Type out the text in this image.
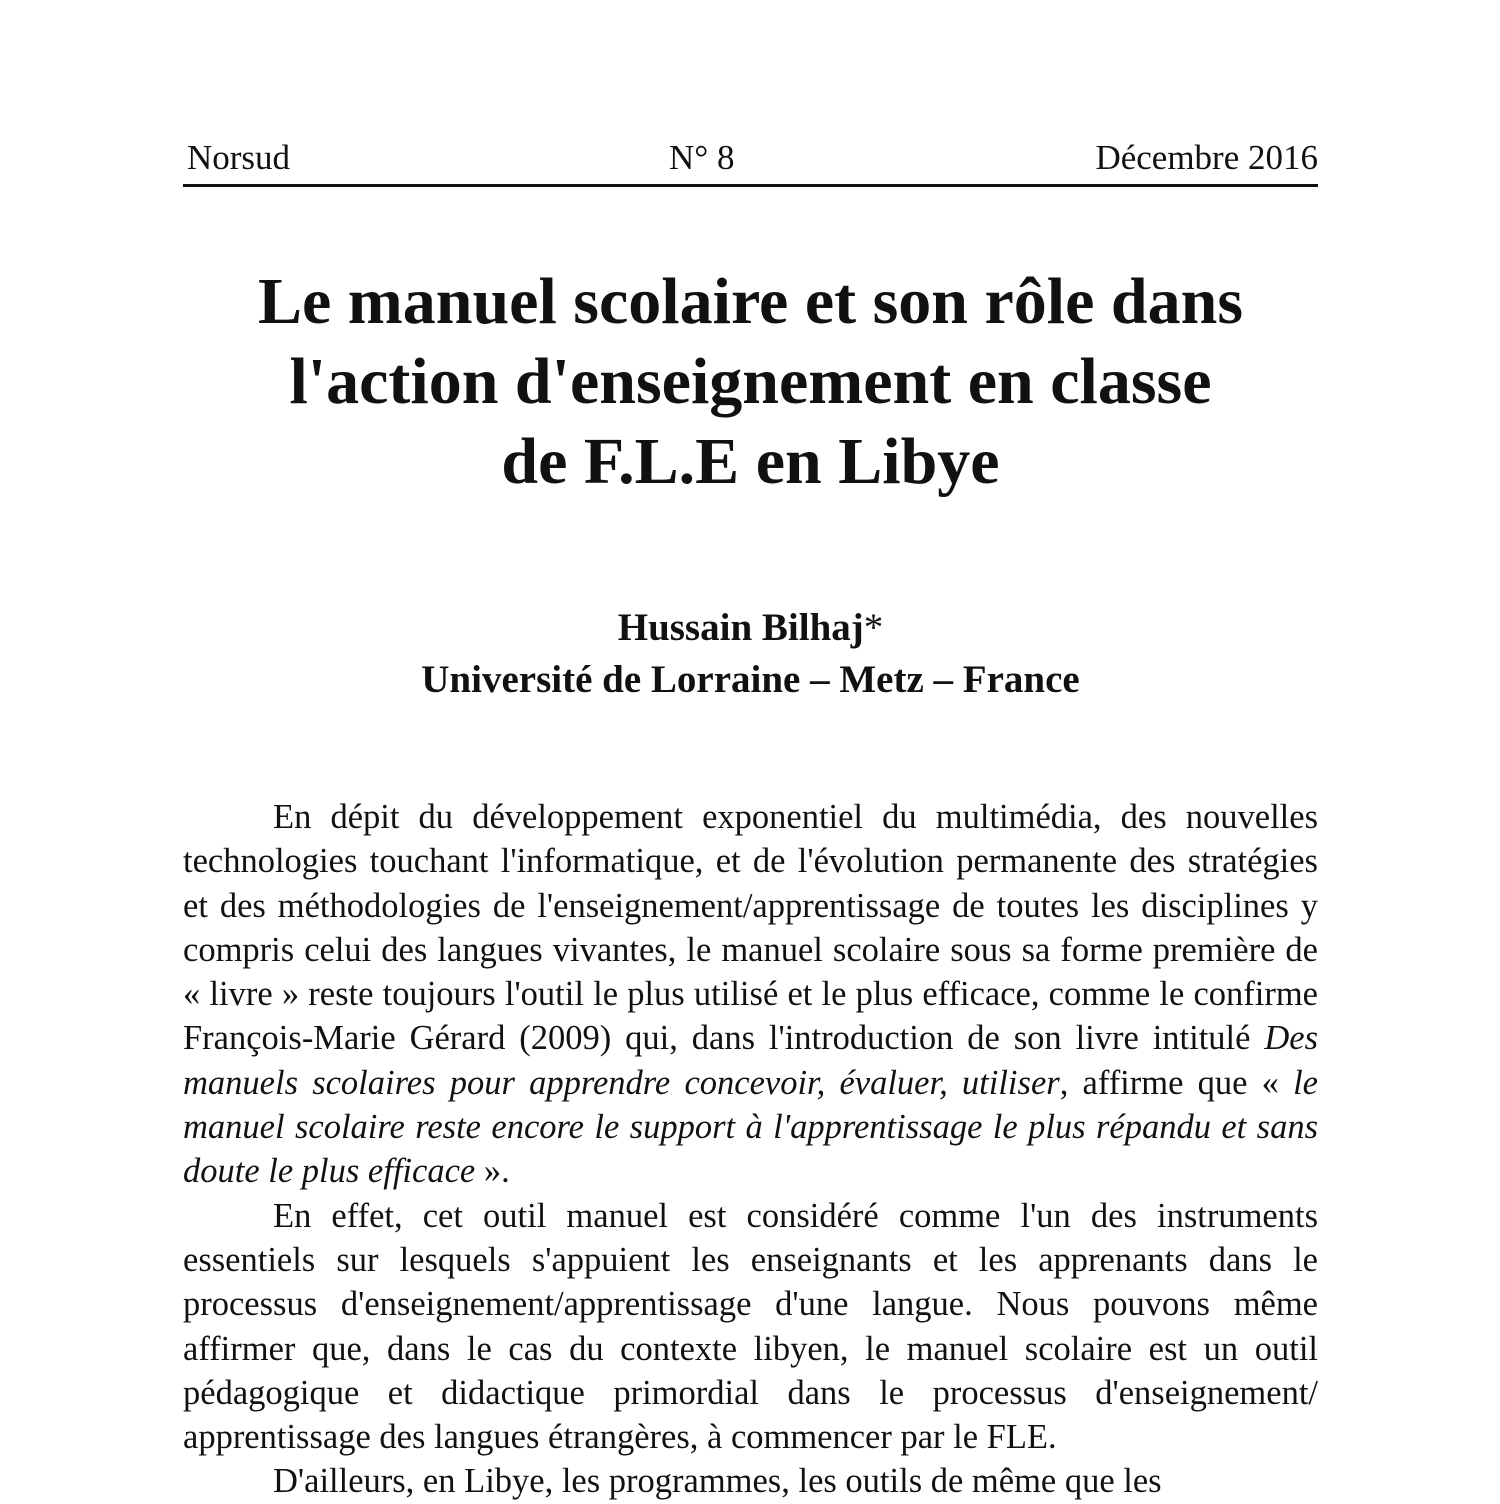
Norsud	N° 8	Décembre 2016
Le manuel scolaire et son rôle dans
l'action d'enseignement en classe
de F.L.E en Libye
Hussain Bilhaj*
Université de Lorraine – Metz – France

En dépit du développement exponentiel du multimédia, des nouvelles technologies touchant l'informatique, et de l'évolution permanente des stratégies et des méthodologies de l'enseignement/apprentissage de toutes les disciplines y compris celui des langues vivantes, le manuel scolaire sous sa forme première de « livre » reste toujours l'outil le plus utilisé et le plus efficace, comme le confirme François-Marie Gérard (2009) qui, dans l'introduction de son livre intitulé Des manuels scolaires pour apprendre concevoir, évaluer, utiliser, affirme que « le manuel scolaire reste encore le support à l'apprentissage le plus répandu et sans doute le plus efficace ».

En effet, cet outil manuel est considéré comme l'un des instruments essentiels sur lesquels s'appuient les enseignants et les apprenants dans le processus d'enseignement/apprentissage d'une langue. Nous pouvons même affirmer que, dans le cas du contexte libyen, le manuel scolaire est un outil pédagogique et didactique primordial dans le processus d'enseignement/ apprentissage des langues étrangères, à commencer par le FLE.

D'ailleurs, en Libye, les programmes, les outils de même que les
